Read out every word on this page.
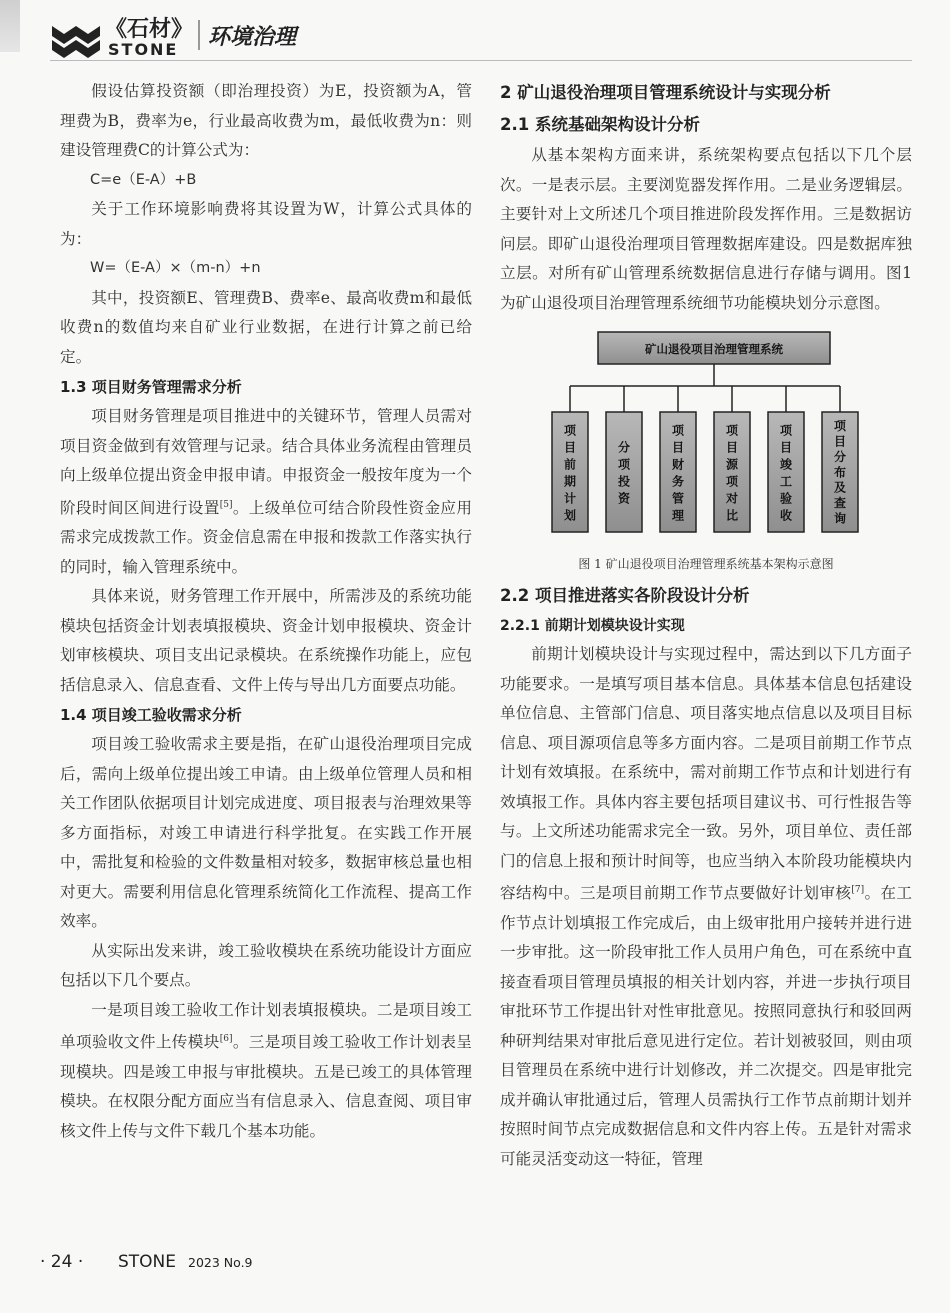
《石材》
STONE 环境治理

假设估算投资额（即治理投资）为E，投资额为A，管理费为B，费率为e，行业最高收费为m，最低收费为n：则建设管理费C的计算公式为：

C=e（E-A）+B

关于工作环境影响费将其设置为W，计算公式具体的为：

W=（E-A）×（m-n）+n

其中，投资额E、管理费B、费率e、最高收费m和最低收费n的数值均来自矿业行业数据，在进行计算之前已给定。

1.3 项目财务管理需求分析

项目财务管理是项目推进中的关键环节，管理人员需对项目资金做到有效管理与记录。结合具体业务流程由管理员向上级单位提出资金申报申请。申报资金一般按年度为一个阶段时间区间进行设置[5]。上级单位可结合阶段性资金应用需求完成拨款工作。资金信息需在申报和拨款工作落实执行的同时，输入管理系统中。

具体来说，财务管理工作开展中，所需涉及的系统功能模块包括资金计划表填报模块、资金计划申报模块、资金计划审核模块、项目支出记录模块。在系统操作功能上，应包括信息录入、信息查看、文件上传与导出几方面要点功能。

1.4 项目竣工验收需求分析

项目竣工验收需求主要是指，在矿山退役治理项目完成后，需向上级单位提出竣工申请。由上级单位管理人员和相关工作团队依据项目计划完成进度、项目报表与治理效果等多方面指标，对竣工申请进行科学批复。在实践工作开展中，需批复和检验的文件数量相对较多，数据审核总量也相对更大。需要利用信息化管理系统简化工作流程、提高工作效率。

从实际出发来讲，竣工验收模块在系统功能设计方面应包括以下几个要点。

一是项目竣工验收工作计划表填报模块。二是项目竣工单项验收文件上传模块[6]。三是项目竣工验收工作计划表呈现模块。四是竣工申报与审批模块。五是已竣工的具体管理模块。在权限分配方面应当有信息录入、信息查阅、项目审核文件上传与文件下载几个基本功能。

2 矿山退役治理项目管理系统设计与实现分析
2.1 系统基础架构设计分析

从基本架构方面来讲，系统架构要点包括以下几个层次。一是表示层。主要浏览器发挥作用。二是业务逻辑层。主要针对上文所述几个项目推进阶段发挥作用。三是数据访问层。即矿山退役治理项目管理数据库建设。四是数据库独立层。对所有矿山管理系统数据信息进行存储与调用。图1为矿山退役项目治理管理系统细节功能模块划分示意图。

矿山退役项目治理管理系统
项目前期计划
分项投资
项目财务管理
项目源项对比
项目竣工验收
项目分布及查询
图 1 矿山退役项目治理管理系统基本架构示意图
2.2 项目推进落实各阶段设计分析
2.2.1 前期计划模块设计实现

前期计划模块设计与实现过程中，需达到以下几方面子功能要求。一是填写项目基本信息。具体基本信息包括建设单位信息、主管部门信息、项目落实地点信息以及项目目标信息、项目源项信息等多方面内容。二是项目前期工作节点计划有效填报。在系统中，需对前期工作节点和计划进行有效填报工作。具体内容主要包括项目建议书、可行性报告等与。上文所述功能需求完全一致。另外，项目单位、责任部门的信息上报和预计时间等，也应当纳入本阶段功能模块内容结构中。三是项目前期工作节点要做好计划审核[7]。在工作节点计划填报工作完成后，由上级审批用户接转并进行进一步审批。这一阶段审批工作人员用户角色，可在系统中直接查看项目管理员填报的相关计划内容，并进一步执行项目审批环节工作提出针对性审批意见。按照同意执行和驳回两种研判结果对审批后意见进行定位。若计划被驳回，则由项目管理员在系统中进行计划修改，并二次提交。四是审批完成并确认审批通过后，管理人员需执行工作节点前期计划并按照时间节点完成数据信息和文件内容上传。五是针对需求可能灵活变动这一特征，管理

· 24 · STONE 2023 No.9
